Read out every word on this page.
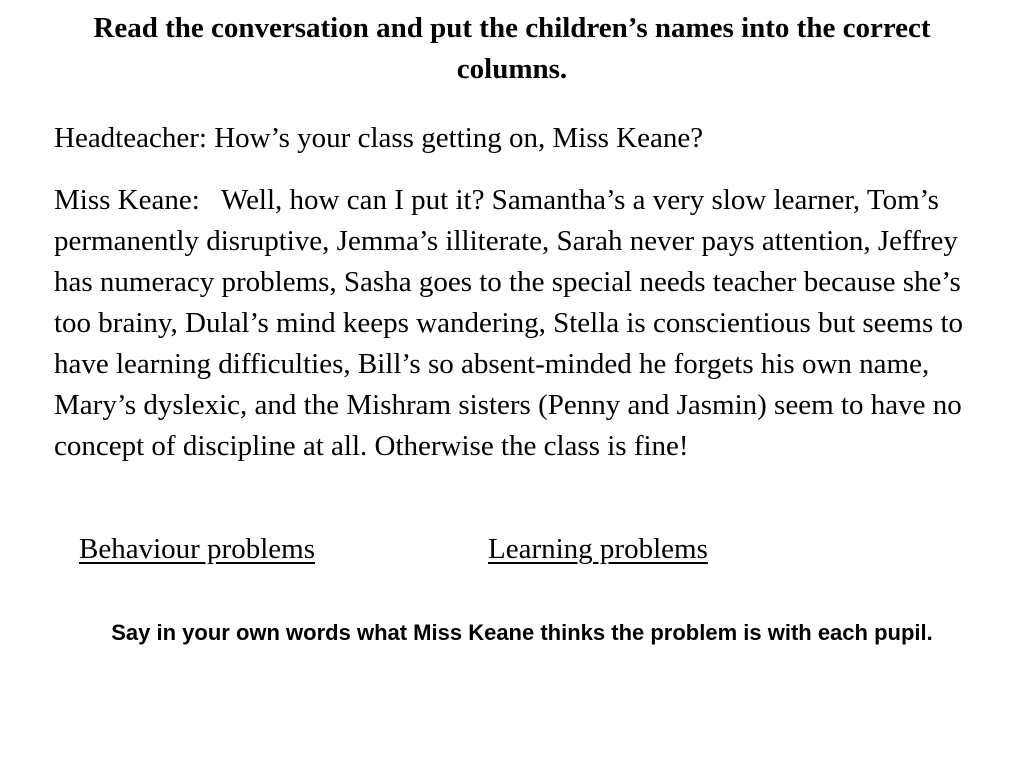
Read the conversation and put the children’s names into the correct columns.

Headteacher: How’s your class getting on, Miss Keane?

Miss Keane: Well, how can I put it? Samantha’s a very slow learner, Tom’s permanently disruptive, Jemma’s illiterate, Sarah never pays attention, Jeffrey has numeracy problems, Sasha goes to the special needs teacher because she’s too brainy, Dulal’s mind keeps wandering, Stella is conscientious but seems to have learning difficulties, Bill’s so absent-minded he forgets his own name, Mary’s dyslexic, and the Mishram sisters (Penny and Jasmin) seem to have no concept of discipline at all. Otherwise the class is fine!

Behaviour problems	Learning problems

Say in your own words what Miss Keane thinks the problem is with each pupil.
